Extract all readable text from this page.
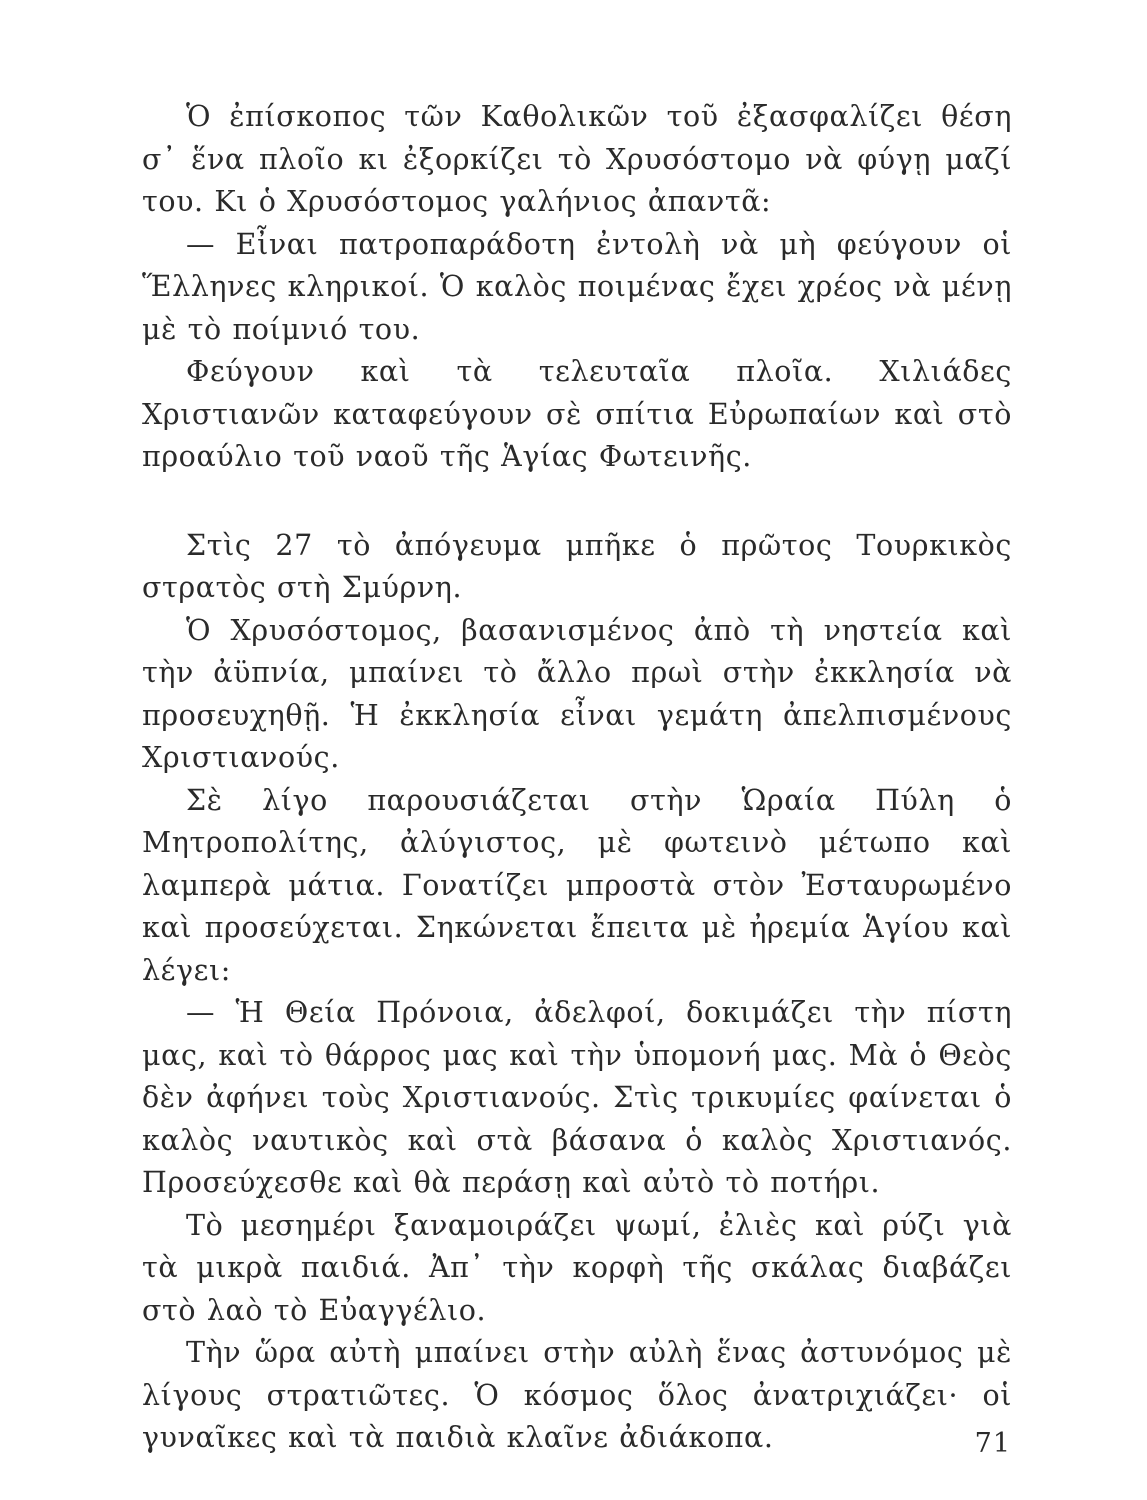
Ὁ ἐπίσκοπος τῶν Καθολικῶν τοῦ ἐξασφαλίζει θέση σ᾿ ἕνα πλοῖο κι ἐξορκίζει τὸ Χρυσόστομο νὰ φύγῃ μαζί του. Κι ὁ Χρυσόστομος γαλήνιος ἀπαντᾶ:

— Εἶναι πατροπαράδοτη ἐντολὴ νὰ μὴ φεύγουν οἱ Ἕλληνες κληρικοί. Ὁ καλὸς ποιμένας ἔχει χρέος νὰ μένῃ μὲ τὸ ποίμνιό του.

Φεύγουν καὶ τὰ τελευταῖα πλοῖα. Χιλιάδες Χριστιανῶν καταφεύγουν σὲ σπίτια Εὐρωπαίων καὶ στὸ προαύλιο τοῦ ναοῦ τῆς Ἁγίας Φωτεινῆς.

Στὶς 27 τὸ ἀπόγευμα μπῆκε ὁ πρῶτος Τουρκικὸς στρατὸς στὴ Σμύρνη.

Ὁ Χρυσόστομος, βασανισμένος ἀπὸ τὴ νηστεία καὶ τὴν ἀϋπνία, μπαίνει τὸ ἄλλο πρωὶ στὴν ἐκκλησία νὰ προσευχηθῇ. Ἡ ἐκκλησία εἶναι γεμάτη ἀπελπισμένους Χριστιανούς.

Σὲ λίγο παρουσιάζεται στὴν Ὡραία Πύλη ὁ Μητροπολίτης, ἀλύγιστος, μὲ φωτεινὸ μέτωπο καὶ λαμπερὰ μάτια. Γονατίζει μπροστὰ στὸν Ἐσταυρωμένο καὶ προσεύχεται. Σηκώνεται ἔπειτα μὲ ἠρεμία Ἁγίου καὶ λέγει:

— Ἡ Θεία Πρόνοια, ἀδελφοί, δοκιμάζει τὴν πίστη μας, καὶ τὸ θάρρος μας καὶ τὴν ὑπομονή μας. Μὰ ὁ Θεὸς δὲν ἀφήνει τοὺς Χριστιανούς. Στὶς τρικυμίες φαίνεται ὁ καλὸς ναυτικὸς καὶ στὰ βάσανα ὁ καλὸς Χριστιανός. Προσεύχεσθε καὶ θὰ περάσῃ καὶ αὐτὸ τὸ ποτήρι.

Τὸ μεσημέρι ξαναμοιράζει ψωμί, ἐλιὲς καὶ ρύζι γιὰ τὰ μικρὰ παιδιά. Ἀπ᾿ τὴν κορφὴ τῆς σκάλας διαβάζει στὸ λαὸ τὸ Εὐαγγέλιο.

Τὴν ὥρα αὐτὴ μπαίνει στὴν αὐλὴ ἕνας ἀστυνόμος μὲ λίγους στρατιῶτες. Ὁ κόσμος ὅλος ἀνατριχιάζει· οἱ γυναῖκες καὶ τὰ παιδιὰ κλαῖνε ἀδιάκοπα.	71
